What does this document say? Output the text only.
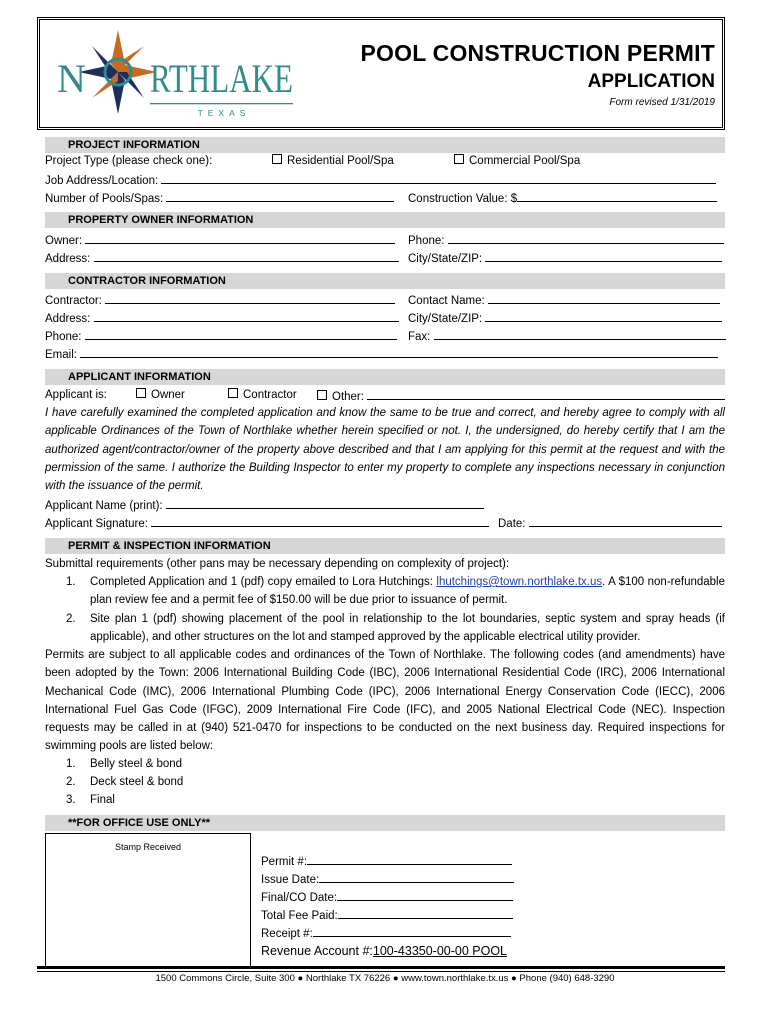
N RTHLAKE
TEXAS
POOL CONSTRUCTION PERMIT
APPLICATION
Form revised 1/31/2019
PROJECT INFORMATION
Project Type (please check one):	Residential Pool/Spa	Commercial Pool/Spa
Job Address/Location:
Number of Pools/Spas:	Construction Value: $
PROPERTY OWNER INFORMATION
Owner:	Phone:
Address:	City/State/ZIP:
CONTRACTOR INFORMATION
Contractor:	Contact Name:
Address:	City/State/ZIP:
Phone:	Fax:
Email:
APPLICANT INFORMATION
Applicant is:	Owner	Contractor	Other:
I have carefully examined the completed application and know the same to be true and correct, and hereby agree to comply with all applicable Ordinances of the Town of Northlake whether herein specified or not. I, the undersigned, do hereby certify that I am the authorized agent/contractor/owner of the property above described and that I am applying for this permit at the request and with the permission of the same. I authorize the Building Inspector to enter my property to complete any inspections necessary in conjunction with the issuance of the permit.
Applicant Name (print):
Applicant Signature:	Date:
PERMIT & INSPECTION INFORMATION
Submittal requirements (other pans may be necessary depending on complexity of project):
1. Completed Application and 1 (pdf) copy emailed to Lora Hutchings: lhutchings@town.northlake.tx.us. A $100 non-refundable plan review fee and a permit fee of $150.00 will be due prior to issuance of permit.
2. Site plan 1 (pdf) showing placement of the pool in relationship to the lot boundaries, septic system and spray heads (if applicable), and other structures on the lot and stamped approved by the applicable electrical utility provider.
Permits are subject to all applicable codes and ordinances of the Town of Northlake. The following codes (and amendments) have been adopted by the Town: 2006 International Building Code (IBC), 2006 International Residential Code (IRC), 2006 International Mechanical Code (IMC), 2006 International Plumbing Code (IPC), 2006 International Energy Conservation Code (IECC), 2006 International Fuel Gas Code (IFGC), 2009 International Fire Code (IFC), and 2005 National Electrical Code (NEC). Inspection requests may be called in at (940) 521-0470 for inspections to be conducted on the next business day. Required inspections for swimming pools are listed below:
1. Belly steel & bond
2. Deck steel & bond
3. Final
**FOR OFFICE USE ONLY**
Stamp Received
Permit #:
Issue Date:
Final/CO Date:
Total Fee Paid:
Receipt #:
Revenue Account #:100-43350-00-00 POOL
1500 Commons Circle, Suite 300 ● Northlake TX 76226 ● www.town.northlake.tx.us ● Phone (940) 648-3290
